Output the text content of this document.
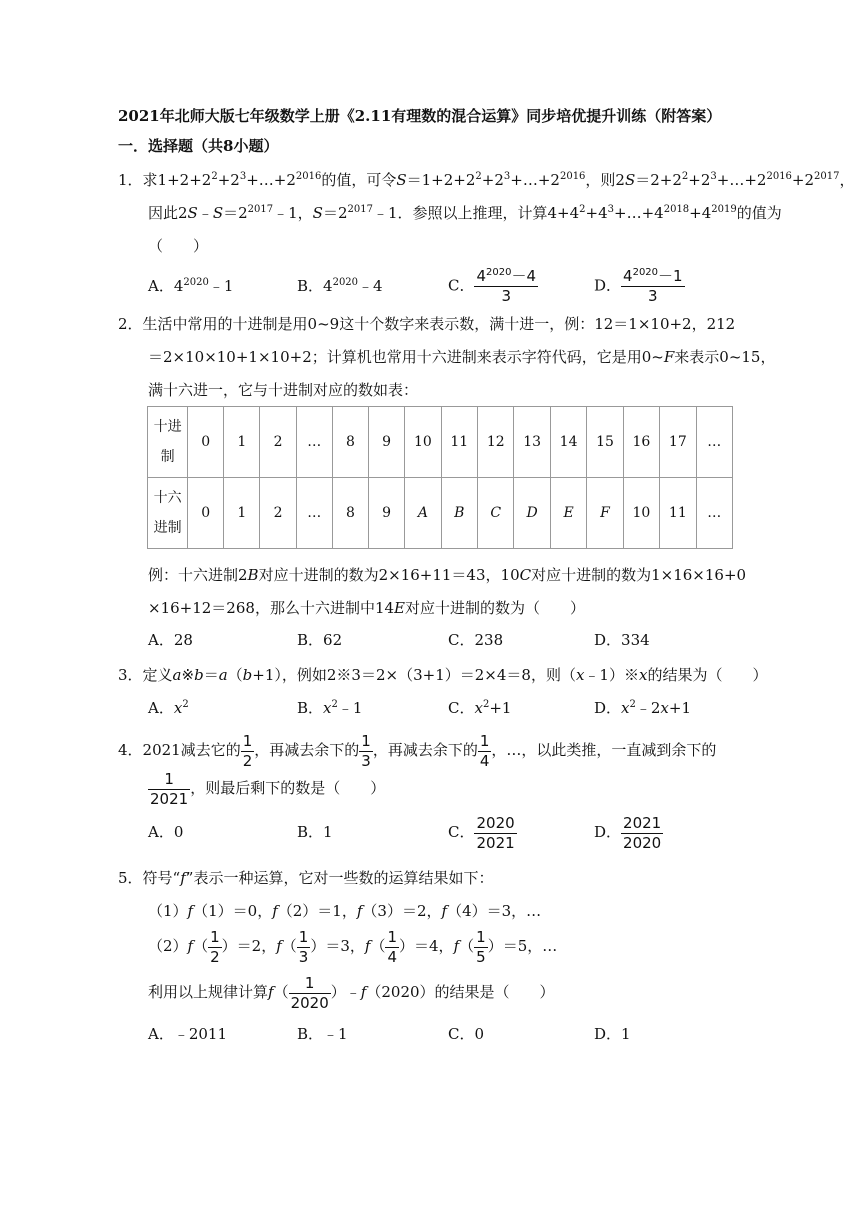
2021年北师大版七年级数学上册《2.11有理数的混合运算》同步培优提升训练（附答案）
一．选择题（共8小题）
1．求$1+2+2^2+2^3+\dots+2^{2016}$的值，可令$S=1+2+2^2+2^3+\dots+2^{2016}$，则$2S=2+2^2+2^3+\dots+2^{2016}+2^{2017}$，
因此$2S﹣S=2^{2017}﹣1$，$S=2^{2017}﹣1$．参照以上推理，计算$4+4^2+4^3+\dots+4^{2018}+4^{2019}$的值为
（　　）
A．$4^{2020}﹣1$	B．$4^{2020}﹣4$	C． $\frac{4^{2020}-4}{3}$	D． $\frac{4^{2020}-1}{3}$
2．生活中常用的十进制是用0~9这十个数字来表示数，满十进一，例：12＝1×10+2，212
＝2×10×10+1×10+2；计算机也常用十六进制来表示字符代码，它是用0~F来表示0~15，
满十六进一，它与十进制对应的数如表：
十进制	0	1	2	…	8	9	10	11	12	13	14	15	16	17	…
十六进制	0	1	2	…	8	9	A	B	C	D	E	F	10	11	…
例：十六进制2B对应十进制的数为2×16+11＝43，10C对应十进制的数为1×16×16+0
×16+12＝268，那么十六进制中14E对应十进制的数为（　　）
A．28	B．62	C．238	D．334
3．定义a※b＝a（b+1），例如2※3＝2×（3+1）＝2×4＝8，则（x﹣1）※x的结果为（　　）
A．$x^2$	B．$x^2﹣1$	C．$x^2+1$	D．$x^2﹣2x+1$
4．2021减去它的 $\frac{1}{2}$ ，再减去余下的 $\frac{1}{3}$ ，再减去余下的 $\frac{1}{4}$ ，…，以此类推，一直减到余下的
$\frac{1}{2021}$ ，则最后剩下的数是（　　）
A．0	B．1	C． $\frac{2020}{2021}$	D． $\frac{2021}{2020}$
5．符号“f”表示一种运算，它对一些数的运算结果如下：
（1）f（1）＝0，f（2）＝1，f（3）＝2，f（4）＝3，…
$(2)f( \frac{1}{2} )=2$，$f( \frac{1}{3} )=3$，$f( \frac{1}{4} )=4$，$f( \frac{1}{5} )=5$，…
利用以上规律计算$f( \frac{1}{2020}$ ）﹣f（2020）的结果是（　　）
A．﹣2011	B．﹣1	C．0	D．1
